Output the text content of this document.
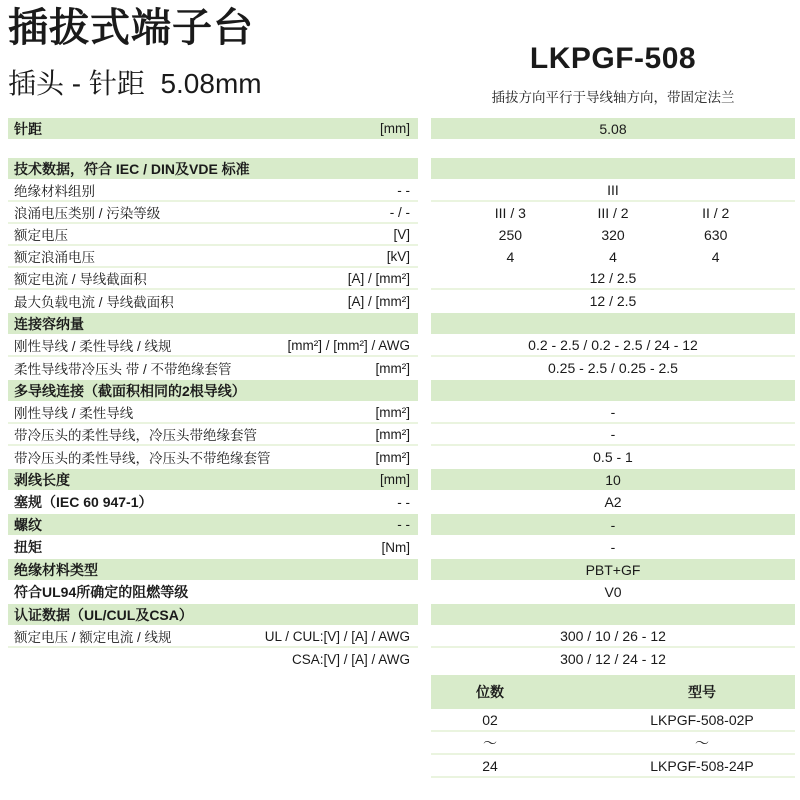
插拔式端子台
插头 - 针距  5.08mm
LKPGF-508
插拔方向平行于导线轴方向，带固定法兰
针距	[mm]	5.08
技术数据，符合 IEC / DIN及VDE 标准
绝缘材料组别	- -	III
浪涌电压类别 / 污染等级	- / -	III / 3	III / 2	II / 2
额定电压	[V]	250	320	630
额定浪涌电压	[kV]	4	4	4
额定电流 / 导线截面积	[A] / [mm²]	12 / 2.5
最大负载电流 / 导线截面积	[A] / [mm²]	12 / 2.5
连接容纳量
刚性导线 / 柔性导线 / 线规	[mm²] / [mm²] / AWG	0.2 - 2.5 / 0.2 - 2.5 / 24 - 12
柔性导线带冷压头 带 / 不带绝缘套管	[mm²]	0.25 - 2.5 / 0.25 - 2.5
多导线连接（截面积相同的2根导线）
刚性导线 / 柔性导线	[mm²]	-
带冷压头的柔性导线，冷压头带绝缘套管	[mm²]	-
带冷压头的柔性导线，冷压头不带绝缘套管	[mm²]	0.5 - 1
剥线长度	[mm]	10
塞规（IEC 60 947-1）	- -	A2
螺纹	- -	-
扭矩	[Nm]	-
绝缘材料类型	PBT+GF
符合UL94所确定的阻燃等级	V0
认证数据（UL/CUL及CSA）
额定电压 / 额定电流 / 线规	UL / CUL:[V] / [A] / AWG	300 / 10 / 26 - 12
CSA:[V] / [A] / AWG	300 / 12 / 24 - 12
位数	型号
02	LKPGF-508-02P
〜	〜
24	LKPGF-508-24P
